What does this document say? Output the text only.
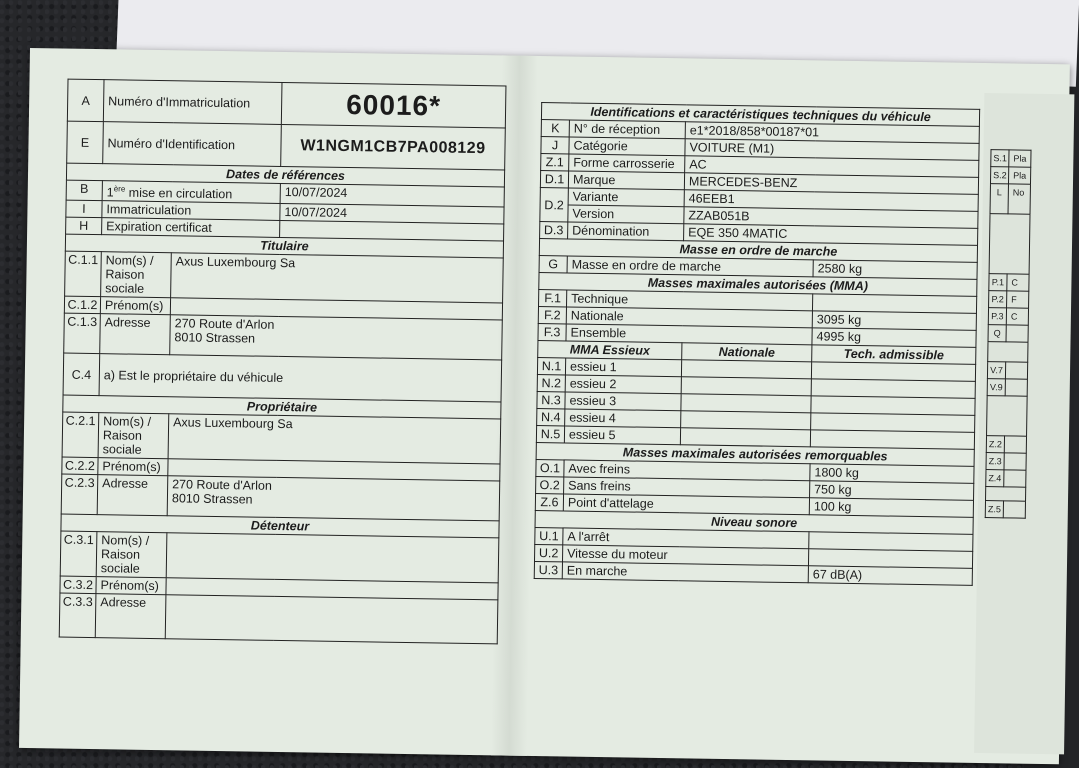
A	Numéro d'Immatriculation		60016*
E	Numéro d'Identification		W1NGM1CB7PA008129
Dates de références			
B	1ère mise en circulation		10/07/2024
I	Immatriculation		10/07/2024
H	Expiration certificat		
Titulaire			
C.1.1	Nom(s) / Raison sociale	Axus Luxembourg Sa	
C.1.2	Prénom(s)		
C.1.3	Adresse	270 Route d'Arlon
8010 Strassen	

C.4	a) Est le propriétaire du véhicule		
Propriétaire			
C.2.1	Nom(s) / Raison sociale	Axus Luxembourg Sa	
C.2.2	Prénom(s)		
C.2.3	Adresse	270 Route d'Arlon
8010 Strassen	

Détenteur			
C.3.1	Nom(s) / Raison sociale		
C.3.2	Prénom(s)		
C.3.3	Adresse		
Identifications et caractéristiques techniques du véhicule			
K	N° de réception	e1*2018/858*00187*01	
J	Catégorie	VOITURE (M1)	
Z.1	Forme carrosserie	AC	
D.1	Marque	MERCEDES-BENZ	
D.2	Variante	46EEB1	
	Version	ZZAB051B	
D.3	Dénomination	EQE 350 4MATIC	
Masse en ordre de marche			
G	Masse en ordre de marche		2580 kg
Masses maximales autorisées (MMA)			
F.1	Technique		
F.2	Nationale		3095 kg
F.3	Ensemble		4995 kg
MMA Essieux		Nationale	Tech. admissible
N.1	essieu 1		
N.2	essieu 2		
N.3	essieu 3		
N.4	essieu 4		
N.5	essieu 5		
Masses maximales autorisées remorquables			
O.1	Avec freins		1800 kg
O.2	Sans freins		750 kg
Z.6	Point d'attelage		100 kg
Niveau sonore			
U.1	A l'arrêt		
U.2	Vitesse du moteur		
U.3	En marche		67 dB(A)
S.1	Pla
S.2	Pla
L	No

P.1	C
P.2	F
P.3	C
Q	

V.7	
V.9	

Z.2	
Z.3	
Z.4	

Z.5	
